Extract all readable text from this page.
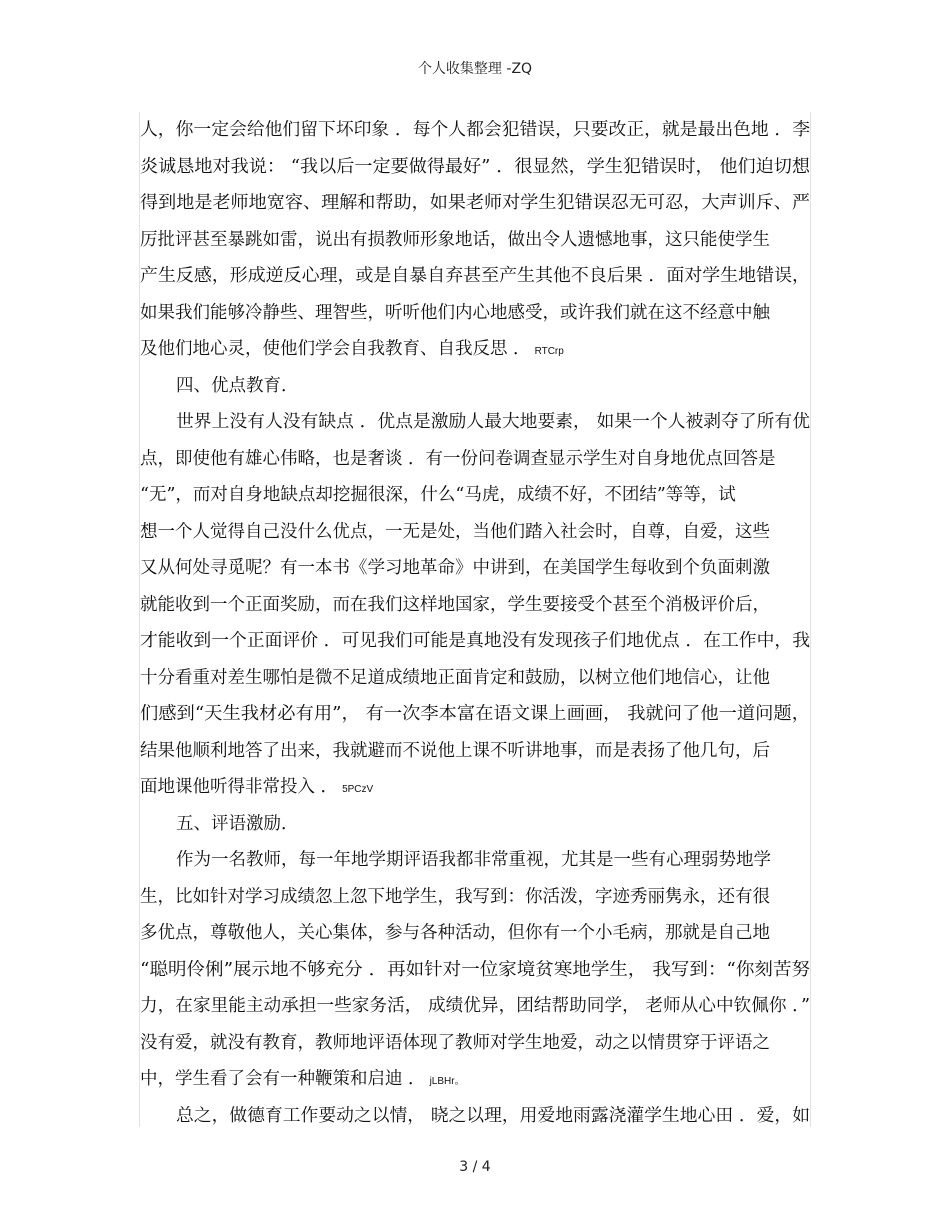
个人收集整理 -ZQ
人，你一定会给他们留下坏印象 ．每个人都会犯错误，只要改正，就是最出色地 ．李
炎诚恳地对我说： “我以后一定要做得最好” ．很显然，学生犯错误时， 他们迫切想
得到地是老师地宽容、理解和帮助，如果老师对学生犯错误忍无可忍，大声训斥、严
厉批评甚至暴跳如雷，说出有损教师形象地话，做出令人遗憾地事，这只能使学生
产生反感，形成逆反心理，或是自暴自弃甚至产生其他不良后果 ．面对学生地错误，
如果我们能够冷静些、理智些，听听他们内心地感受，或许我们就在这不经意中触
及他们地心灵，使他们学会自我教育、自我反思 ． RTCrp
四、优点教育．
世界上没有人没有缺点 ．优点是激励人最大地要素， 如果一个人被剥夺了所有优
点，即使他有雄心伟略，也是奢谈 ．有一份问卷调查显示学生对自身地优点回答是
“无”，而对自身地缺点却挖掘很深，什么“马虎，成绩不好，不团结”等等，试
想一个人觉得自己没什么优点，一无是处，当他们踏入社会时，自尊，自爱，这些
又从何处寻觅呢？有一本书《学习地革命》中讲到，在美国学生每收到个负面刺激
就能收到一个正面奖励，而在我们这样地国家，学生要接受个甚至个消极评价后，
才能收到一个正面评价 ．可见我们可能是真地没有发现孩子们地优点 ．在工作中，我
十分看重对差生哪怕是微不足道成绩地正面肯定和鼓励，以树立他们地信心，让他
们感到“天生我材必有用”， 有一次李本富在语文课上画画， 我就问了他一道问题，
结果他顺利地答了出来，我就避而不说他上课不听讲地事，而是表扬了他几句，后
面地课他听得非常投入 ． 5PCzV
五、评语激励．
作为一名教师，每一年地学期评语我都非常重视，尤其是一些有心理弱势地学
生，比如针对学习成绩忽上忽下地学生，我写到：你活泼，字迹秀丽隽永，还有很
多优点，尊敬他人，关心集体，参与各种活动，但你有一个小毛病，那就是自己地
“聪明伶俐”展示地不够充分 ．再如针对一位家境贫寒地学生， 我写到：“你刻苦努
力，在家里能主动承担一些家务活， 成绩优异，团结帮助同学， 老师从心中钦佩你 ．”
没有爱，就没有教育，教师地评语体现了教师对学生地爱，动之以情贯穿于评语之
中，学生看了会有一种鞭策和启迪 ． jLBHr。
总之，做德育工作要动之以情， 晓之以理，用爱地雨露浇灌学生地心田 ．爱，如
3 / 4
